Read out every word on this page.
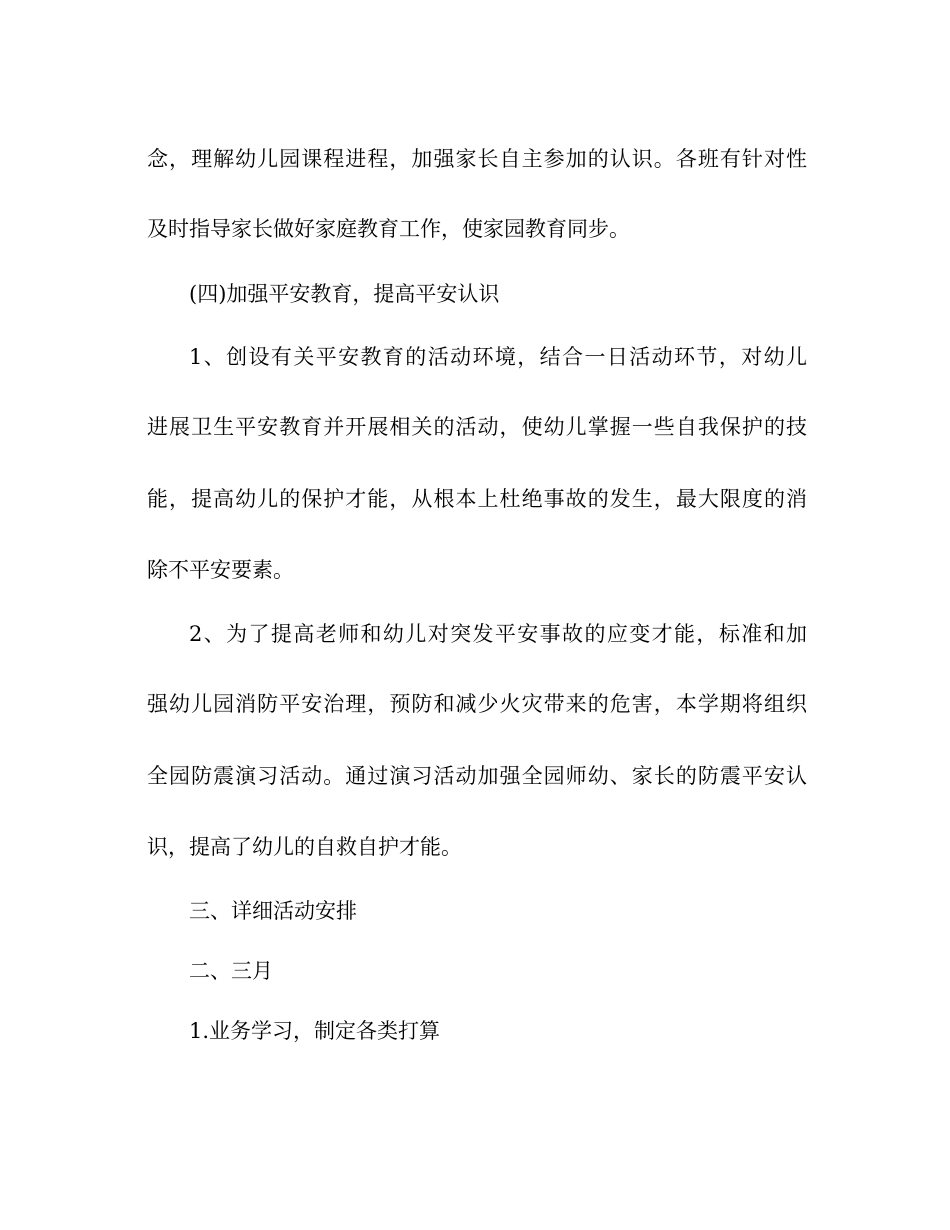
念，理解幼儿园课程进程，加强家长自主参加的认识。各班有针对性
及时指导家长做好家庭教育工作，使家园教育同步。
(四)加强平安教育，提高平安认识
1、创设有关平安教育的活动环境，结合一日活动环节，对幼儿
进展卫生平安教育并开展相关的活动，使幼儿掌握一些自我保护的技
能，提高幼儿的保护才能，从根本上杜绝事故的发生，最大限度的消
除不平安要素。
2、为了提高老师和幼儿对突发平安事故的应变才能，标准和加
强幼儿园消防平安治理，预防和减少火灾带来的危害，本学期将组织
全园防震演习活动。通过演习活动加强全园师幼、家长的防震平安认
识，提高了幼儿的自救自护才能。
三、详细活动安排
二、三月
1.业务学习，制定各类打算
